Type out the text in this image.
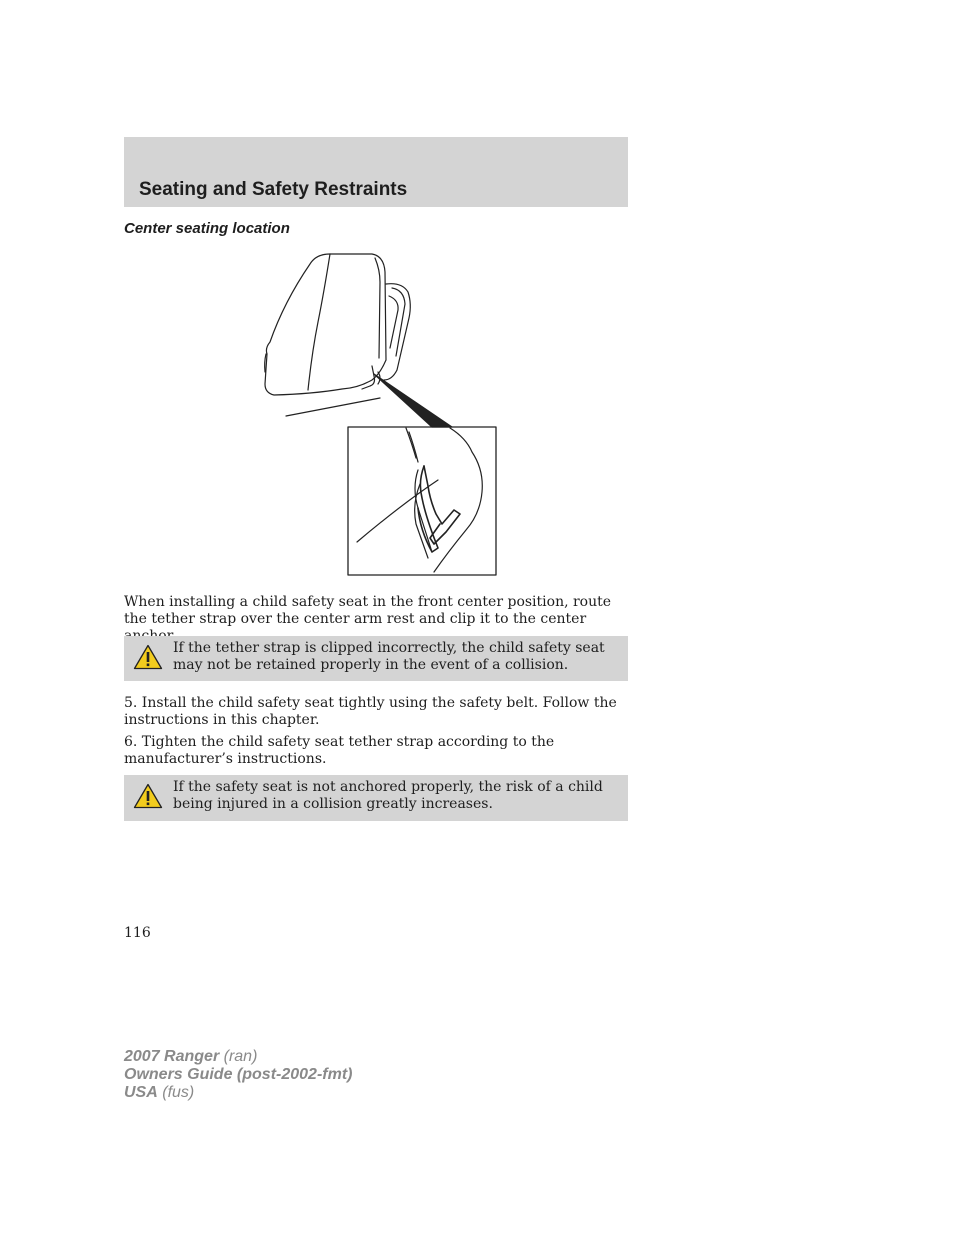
Seating and Safety Restraints
Center seating location

When installing a child safety seat in the front center position, route the tether strap over the center arm rest and clip it to the center

If the tether strap is clipped incorrectly, the child safety seat may not be retained properly in the event of a collision.

5. Install the child safety seat tightly using the safety belt. Follow the instructions in this chapter.

6. Tighten the child safety seat tether strap according to the manufacturer’s instructions.

If the safety seat is not anchored properly, the risk of a child being injured in a collision greatly increases.

116

2007 Ranger (ran)
Owners Guide (post-2002-fmt)
USA (fus)
